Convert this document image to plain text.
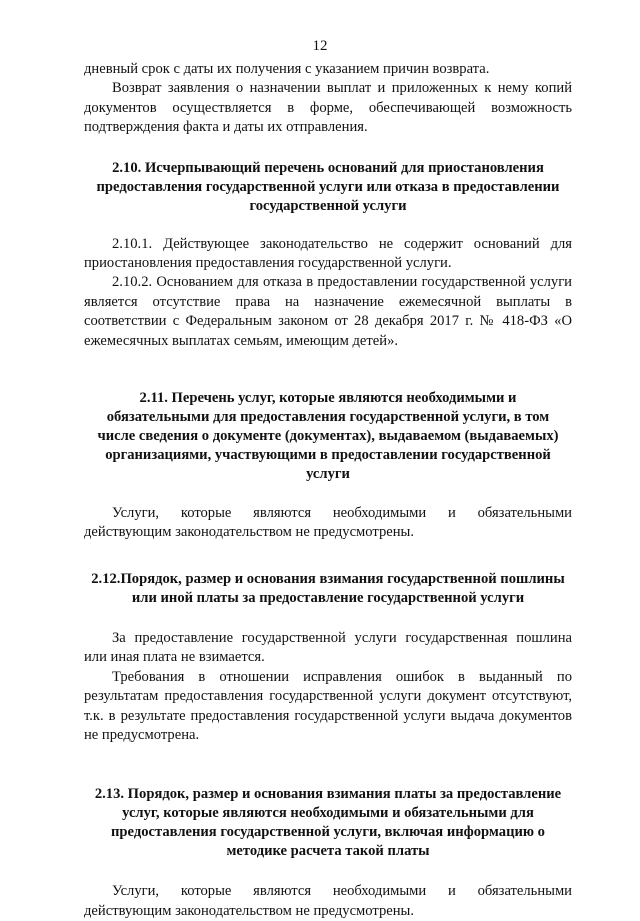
12

дневный срок с даты их получения с указанием причин возврата.

Возврат заявления о назначении выплат и приложенных к нему копий документов осуществляется в форме, обеспечивающей возможность подтверждения факта и даты их отправления.

2.10. Исчерпывающий перечень оснований для приостановления предоставления государственной услуги или отказа в предоставлении государственной услуги

2.10.1. Действующее законодательство не содержит оснований для приостановления предоставления государственной услуги.

2.10.2. Основанием для отказа в предоставлении государственной услуги является отсутствие права на назначение ежемесячной выплаты в соответствии с Федеральным законом от 28 декабря 2017 г. № 418-ФЗ «О ежемесячных выплатах семьям, имеющим детей».

2.11. Перечень услуг, которые являются необходимыми и обязательными для предоставления государственной услуги, в том числе сведения о документе (документах), выдаваемом (выдаваемых) организациями, участвующими в предоставлении государственной услуги

Услуги, которые являются необходимыми и обязательными действующим законодательством не предусмотрены.

2.12.Порядок, размер и основания взимания государственной пошлины или иной платы за предоставление государственной услуги

За предоставление государственной услуги государственная пошлина или иная плата не взимается.

Требования в отношении исправления ошибок в выданный по результатам предоставления государственной услуги документ отсутствуют, т.к. в результате предоставления государственной услуги выдача документов не предусмотрена.

2.13. Порядок, размер и основания взимания платы за предоставление услуг, которые являются необходимыми и обязательными для предоставления государственной услуги, включая информацию о методике расчета такой платы

Услуги, которые являются необходимыми и обязательными действующим законодательством не предусмотрены.
